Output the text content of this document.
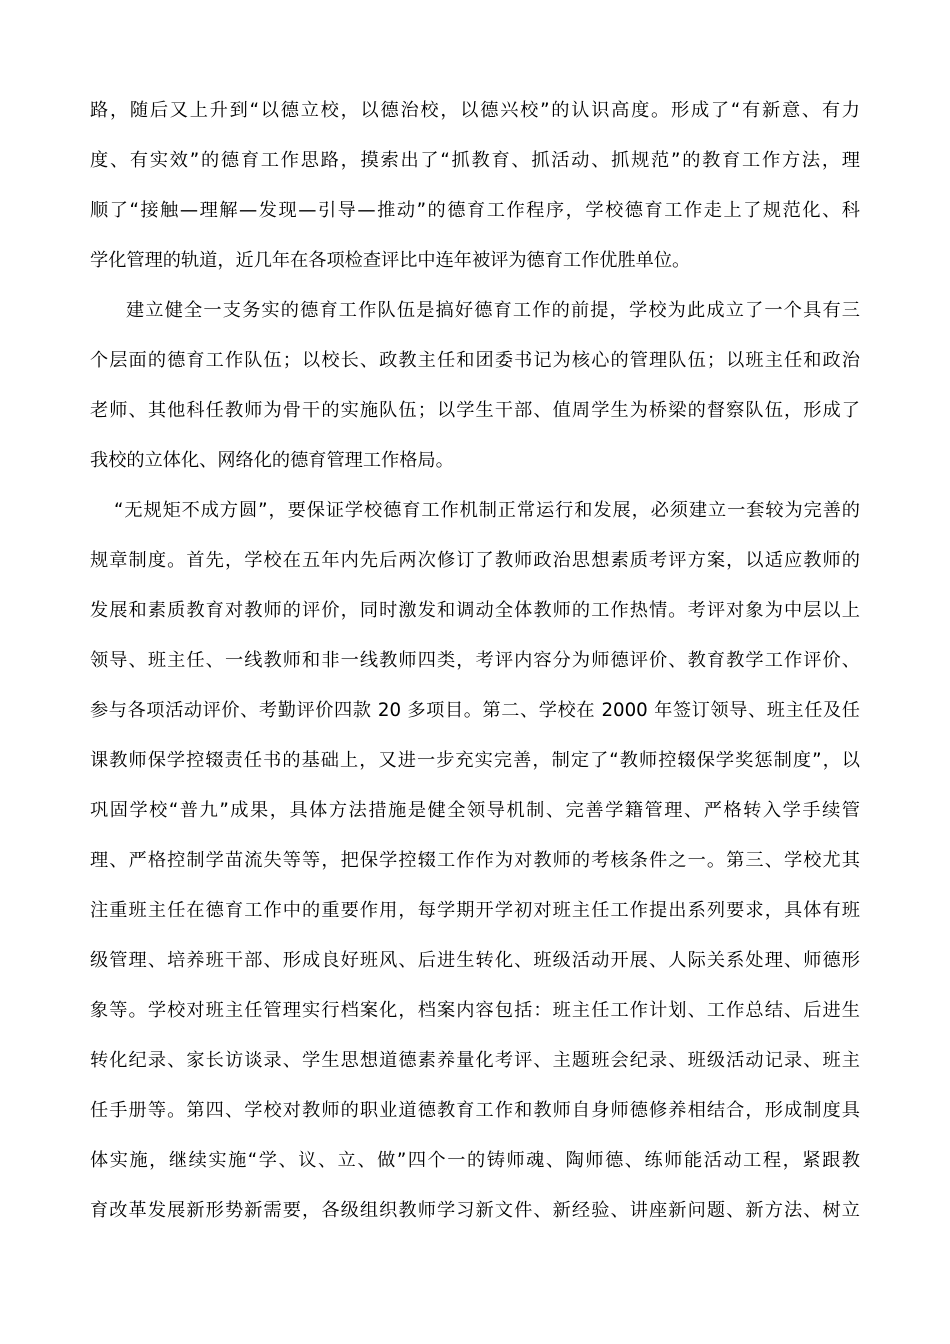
路，随后又上升到“以德立校，以德治校，以德兴校”的认识高度。形成了“有新意、有力
度、有实效”的德育工作思路，摸索出了“抓教育、抓活动、抓规范”的教育工作方法，理
顺了“接触—理解—发现—引导—推动”的德育工作程序，学校德育工作走上了规范化、科
学化管理的轨道，近几年在各项检查评比中连年被评为德育工作优胜单位。
建立健全一支务实的德育工作队伍是搞好德育工作的前提，学校为此成立了一个具有三
个层面的德育工作队伍；以校长、政教主任和团委书记为核心的管理队伍；以班主任和政治
老师、其他科任教师为骨干的实施队伍；以学生干部、值周学生为桥梁的督察队伍，形成了
我校的立体化、网络化的德育管理工作格局。
“无规矩不成方圆”，要保证学校德育工作机制正常运行和发展，必须建立一套较为完善的
规章制度。首先，学校在五年内先后两次修订了教师政治思想素质考评方案，以适应教师的
发展和素质教育对教师的评价，同时激发和调动全体教师的工作热情。考评对象为中层以上
领导、班主任、一线教师和非一线教师四类，考评内容分为师德评价、教育教学工作评价、
参与各项活动评价、考勤评价四款 20 多项目。第二、学校在 2000 年签订领导、班主任及任
课教师保学控辍责任书的基础上，又进一步充实完善，制定了“教师控辍保学奖惩制度”，以
巩固学校“普九”成果，具体方法措施是健全领导机制、完善学籍管理、严格转入学手续管
理、严格控制学苗流失等等，把保学控辍工作作为对教师的考核条件之一。第三、学校尤其
注重班主任在德育工作中的重要作用，每学期开学初对班主任工作提出系列要求，具体有班
级管理、培养班干部、形成良好班风、后进生转化、班级活动开展、人际关系处理、师德形
象等。学校对班主任管理实行档案化，档案内容包括：班主任工作计划、工作总结、后进生
转化纪录、家长访谈录、学生思想道德素养量化考评、主题班会纪录、班级活动记录、班主
任手册等。第四、学校对教师的职业道德教育工作和教师自身师德修养相结合，形成制度具
体实施，继续实施“学、议、立、做”四个一的铸师魂、陶师德、练师能活动工程，紧跟教
育改革发展新形势新需要，各级组织教师学习新文件、新经验、讲座新问题、新方法、树立
